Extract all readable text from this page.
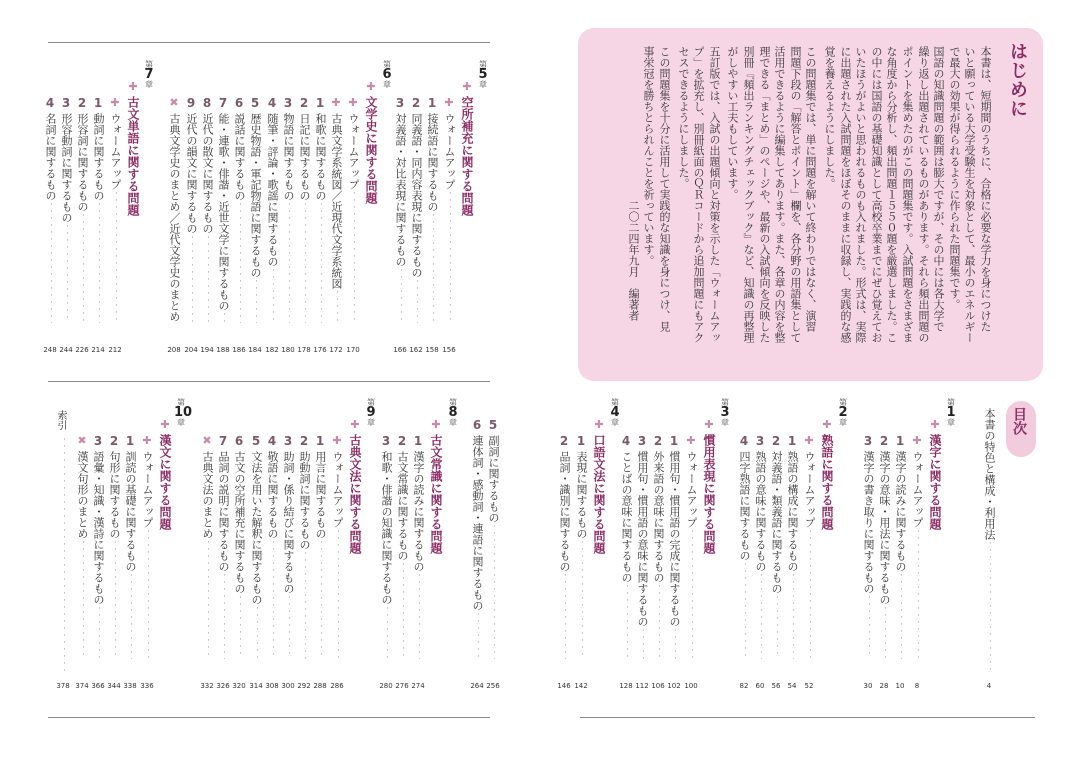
はじめに
本書は、短期間のうちに、合格に必要な学力を身につけた
いと願っている大学受験生を対象として、最小のエネルギー
で最大の効果が得られるように作られた問題集です。
国語の知識問題の範囲は膨大ですが、その中には各大学で
繰り返し出題されているものがあります。それら頻出問題の
ポイントを集めたのがこの問題集です。入試問題をさまざま
な角度から分析し、頻出問題１５５０題を厳選しました。こ
の中には国語の基礎知識として高校卒業までにぜひ覚えてお
いたほうがよいと思われるものも入れました。形式は、実際
に出題された入試問題をほぼそのままに収録し、実践的な感
覚を養えるようにしました。
この問題集では、単に問題を解いて終わりではなく、演習
問題下段の「解答とポイント」欄を、各分野の用語集として
活用できるように編集してあります。また、各章の内容を整
理できる「まとめ」のページや、最新の入試傾向を反映した
別冊『頻出ランキングチェックブック』など、知識の再整理
がしやすい工夫もしています。
五訂版では、入試の出題傾向と対策を示した「ウォームアッ
プ」を拡充し、別冊紙面のＱＲコードから追加問題にもアク
セスできるようにしました。
この問題集を十分に活用して実践的な知識を身につけ、見
事栄冠を勝ちとられんことを祈っています。
二〇二四年九月　編著者
目次
本書の特色と構成・利用法 ・・・・・・・・・・・・・・・・・・・・・・・・・・・・・・・・・・・・・・・・・・・・・・・・
4
第
1
章
✚
漢字に関する問題
✚
ウォームアップ ・・・・・・・・・・・・・・・・・・・・・・・・・・・・・・・・・・・・・・・・・・・・・・・・
8
1
漢字の読みに関するもの ・・・・・・・・・・・・・・・・・・・・・・・・・・・・・・・・・・・・・・・・・・・・・・・・
10
2
漢字の意味・用法に関するもの ・・・・・・・・・・・・・・・・・・・・・・・・・・・・・・・・・・・・・・・・・・・・・・・・
28
3
漢字の書き取りに関するもの ・・・・・・・・・・・・・・・・・・・・・・・・・・・・・・・・・・・・・・・・・・・・・・・・
30
第
2
章
✚
熟語に関する問題
✚
ウォームアップ ・・・・・・・・・・・・・・・・・・・・・・・・・・・・・・・・・・・・・・・・・・・・・・・・
52
1
熟語の構成に関するもの ・・・・・・・・・・・・・・・・・・・・・・・・・・・・・・・・・・・・・・・・・・・・・・・・
54
2
対義語・類義語に関するもの ・・・・・・・・・・・・・・・・・・・・・・・・・・・・・・・・・・・・・・・・・・・・・・・・
56
3
熟語の意味に関するもの ・・・・・・・・・・・・・・・・・・・・・・・・・・・・・・・・・・・・・・・・・・・・・・・・
60
4
四字熟語に関するもの ・・・・・・・・・・・・・・・・・・・・・・・・・・・・・・・・・・・・・・・・・・・・・・・・
82
第
3
章
✚
慣用表現に関する問題
✚
ウォームアップ ・・・・・・・・・・・・・・・・・・・・・・・・・・・・・・・・・・・・・・・・・・・・・・・・
100
1
慣用句・慣用語の完成に関するもの ・・・・・・・・・・・・・・・・・・・・・・・・・・・・・・・・・・・・・・・・・・・・・・・・
102
2
外来語の意味に関するもの ・・・・・・・・・・・・・・・・・・・・・・・・・・・・・・・・・・・・・・・・・・・・・・・・
106
3
慣用句・慣用語の意味に関するもの ・・・・・・・・・・・・・・・・・・・・・・・・・・・・・・・・・・・・・・・・・・・・・・・・
112
4
ことばの意味に関するもの ・・・・・・・・・・・・・・・・・・・・・・・・・・・・・・・・・・・・・・・・・・・・・・・・
128
第
4
章
✚
口語文法に関する問題
1
表現に関するもの ・・・・・・・・・・・・・・・・・・・・・・・・・・・・・・・・・・・・・・・・・・・・・・・・
142
2
品詞・識別に関するもの ・・・・・・・・・・・・・・・・・・・・・・・・・・・・・・・・・・・・・・・・・・・・・・・・
146
第
5
章
✚
空所補充に関する問題
✚
ウォームアップ ・・・・・・・・・・・・・・・・・・・・・・・・・・・・・・・・・・・・・・・・・・・・・・・・
156
1
接続語に関するもの ・・・・・・・・・・・・・・・・・・・・・・・・・・・・・・・・・・・・・・・・・・・・・・・・
158
2
同義語・同内容表現に関するもの ・・・・・・・・・・・・・・・・・・・・・・・・・・・・・・・・・・・・・・・・・・・・・・・・
162
3
対義語・対比表現に関するもの ・・・・・・・・・・・・・・・・・・・・・・・・・・・・・・・・・・・・・・・・・・・・・・・・
166
第
6
章
✚
文学史に関する問題
✚
ウォームアップ ・・・・・・・・・・・・・・・・・・・・・・・・・・・・・・・・・・・・・・・・・・・・・・・・
170
✚
古典文学系統図／近現代文学系統図 ・・・・・・・・・・・・・・・・・・・・・・・・・・・・・・・・・・・・・・・・・・・・・・・・
172
1
和歌に関するもの ・・・・・・・・・・・・・・・・・・・・・・・・・・・・・・・・・・・・・・・・・・・・・・・・
176
2
日記に関するもの ・・・・・・・・・・・・・・・・・・・・・・・・・・・・・・・・・・・・・・・・・・・・・・・・
178
3
物語に関するもの ・・・・・・・・・・・・・・・・・・・・・・・・・・・・・・・・・・・・・・・・・・・・・・・・
180
4
随筆・評論・歌謡に関するもの ・・・・・・・・・・・・・・・・・・・・・・・・・・・・・・・・・・・・・・・・・・・・・・・・
182
5
歴史物語・軍記物語に関するもの ・・・・・・・・・・・・・・・・・・・・・・・・・・・・・・・・・・・・・・・・・・・・・・・・
184
6
説話に関するもの ・・・・・・・・・・・・・・・・・・・・・・・・・・・・・・・・・・・・・・・・・・・・・・・・
186
7
能・連歌・俳諧・近世文学に関するもの ・・・・・・・・・・・・・・・・・・・・・・・・・・・・・・・・・・・・・・・・・・・・・・・・
188
8
近代の散文に関するもの ・・・・・・・・・・・・・・・・・・・・・・・・・・・・・・・・・・・・・・・・・・・・・・・・
194
9
近代の韻文に関するもの ・・・・・・・・・・・・・・・・・・・・・・・・・・・・・・・・・・・・・・・・・・・・・・・・
204
✖
古典文学史のまとめ／近代文学史のまとめ ・・・・・・・・・・・・・・・・・・・・・・・・・・・・・・・・・・・・・・・・・・・・・・・・
208
第
7
章
✚
古文単語に関する問題
✚
ウォームアップ ・・・・・・・・・・・・・・・・・・・・・・・・・・・・・・・・・・・・・・・・・・・・・・・・
212
1
動詞に関するもの ・・・・・・・・・・・・・・・・・・・・・・・・・・・・・・・・・・・・・・・・・・・・・・・・
214
2
形容詞に関するもの ・・・・・・・・・・・・・・・・・・・・・・・・・・・・・・・・・・・・・・・・・・・・・・・・
226
3
形容動詞に関するもの ・・・・・・・・・・・・・・・・・・・・・・・・・・・・・・・・・・・・・・・・・・・・・・・・
244
4
名詞に関するもの ・・・・・・・・・・・・・・・・・・・・・・・・・・・・・・・・・・・・・・・・・・・・・・・・
248
5
副詞に関するもの ・・・・・・・・・・・・・・・・・・・・・・・・・・・・・・・・・・・・・・・・・・・・・・・・
256
6
連体詞・感動詞・連語に関するもの ・・・・・・・・・・・・・・・・・・・・・・・・・・・・・・・・・・・・・・・・・・・・・・・・
264
第
8
章
✚
古文常識に関する問題
1
漢字の読みに関するもの ・・・・・・・・・・・・・・・・・・・・・・・・・・・・・・・・・・・・・・・・・・・・・・・・
274
2
古文常識に関するもの ・・・・・・・・・・・・・・・・・・・・・・・・・・・・・・・・・・・・・・・・・・・・・・・・
276
3
和歌・俳諧の知識に関するもの ・・・・・・・・・・・・・・・・・・・・・・・・・・・・・・・・・・・・・・・・・・・・・・・・
280
第
9
章
✚
古典文法に関する問題
✚
ウォームアップ ・・・・・・・・・・・・・・・・・・・・・・・・・・・・・・・・・・・・・・・・・・・・・・・・
286
1
用言に関するもの ・・・・・・・・・・・・・・・・・・・・・・・・・・・・・・・・・・・・・・・・・・・・・・・・
288
2
助動詞に関するもの ・・・・・・・・・・・・・・・・・・・・・・・・・・・・・・・・・・・・・・・・・・・・・・・・
292
3
助詞・係り結びに関するもの ・・・・・・・・・・・・・・・・・・・・・・・・・・・・・・・・・・・・・・・・・・・・・・・・
300
4
敬語に関するもの ・・・・・・・・・・・・・・・・・・・・・・・・・・・・・・・・・・・・・・・・・・・・・・・・
308
5
文法を用いた解釈に関するもの ・・・・・・・・・・・・・・・・・・・・・・・・・・・・・・・・・・・・・・・・・・・・・・・・
314
6
古文の空所補充に関するもの ・・・・・・・・・・・・・・・・・・・・・・・・・・・・・・・・・・・・・・・・・・・・・・・・
320
7
品詞の説明に関するもの ・・・・・・・・・・・・・・・・・・・・・・・・・・・・・・・・・・・・・・・・・・・・・・・・
326
✖
古典文法のまとめ ・・・・・・・・・・・・・・・・・・・・・・・・・・・・・・・・・・・・・・・・・・・・・・・・
332
第
10
章
✚
漢文に関する問題
✚
ウォームアップ ・・・・・・・・・・・・・・・・・・・・・・・・・・・・・・・・・・・・・・・・・・・・・・・・
336
1
訓読の基礎に関するもの ・・・・・・・・・・・・・・・・・・・・・・・・・・・・・・・・・・・・・・・・・・・・・・・・
338
2
句形に関するもの ・・・・・・・・・・・・・・・・・・・・・・・・・・・・・・・・・・・・・・・・・・・・・・・・
344
3
語彙・知識・漢詩に関するもの ・・・・・・・・・・・・・・・・・・・・・・・・・・・・・・・・・・・・・・・・・・・・・・・・
366
✖
漢文句形のまとめ ・・・・・・・・・・・・・・・・・・・・・・・・・・・・・・・・・・・・・・・・・・・・・・・・
374
索引
・・・・・・・・・・・・・・・・・・・・・・・・・・・・・・・・・・・・・・・・・・・・・・・・
378
